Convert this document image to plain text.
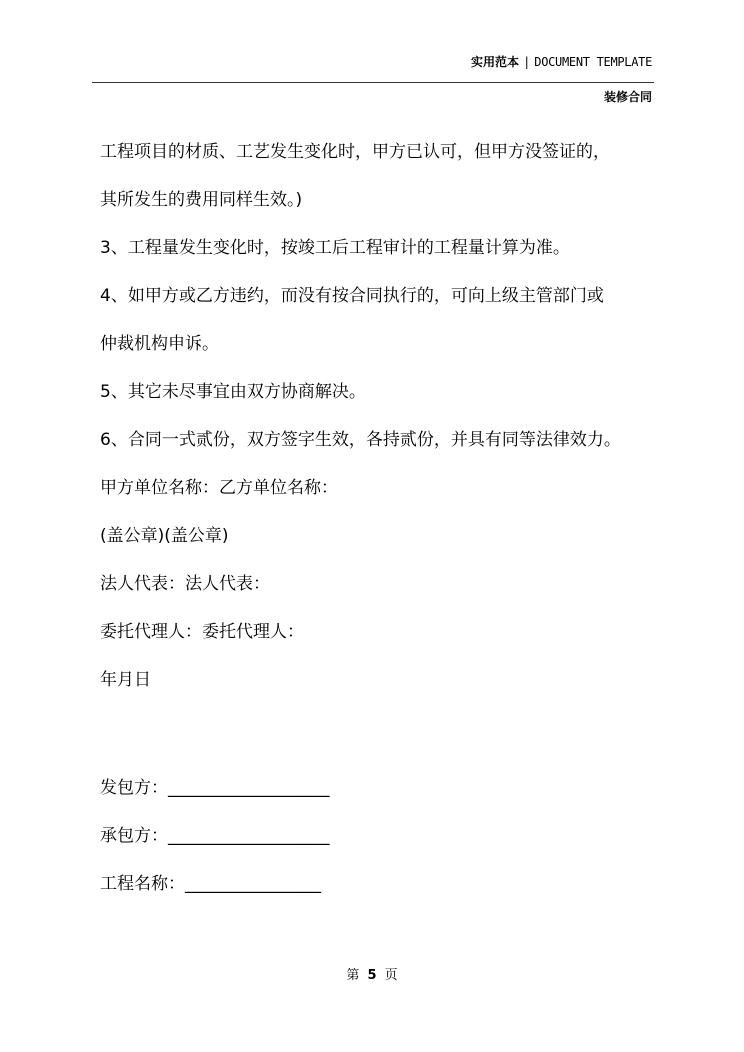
实用范本 | DOCUMENT TEMPLATE
装修合同
工程项目的材质、工艺发生变化时，甲方已认可，但甲方没签证的，
其所发生的费用同样生效。)
3、工程量发生变化时，按竣工后工程审计的工程量计算为准。
4、如甲方或乙方违约，而没有按合同执行的，可向上级主管部门或
仲裁机构申诉。
5、其它未尽事宜由双方协商解决。
6、合同一式贰份，双方签字生效，各持贰份，并具有同等法律效力。
甲方单位名称：乙方单位名称：
(盖公章)(盖公章)
法人代表：法人代表：
委托代理人：委托代理人：
年月日
发包方：___________________
承包方：___________________
工程名称：________________
第 5 页
